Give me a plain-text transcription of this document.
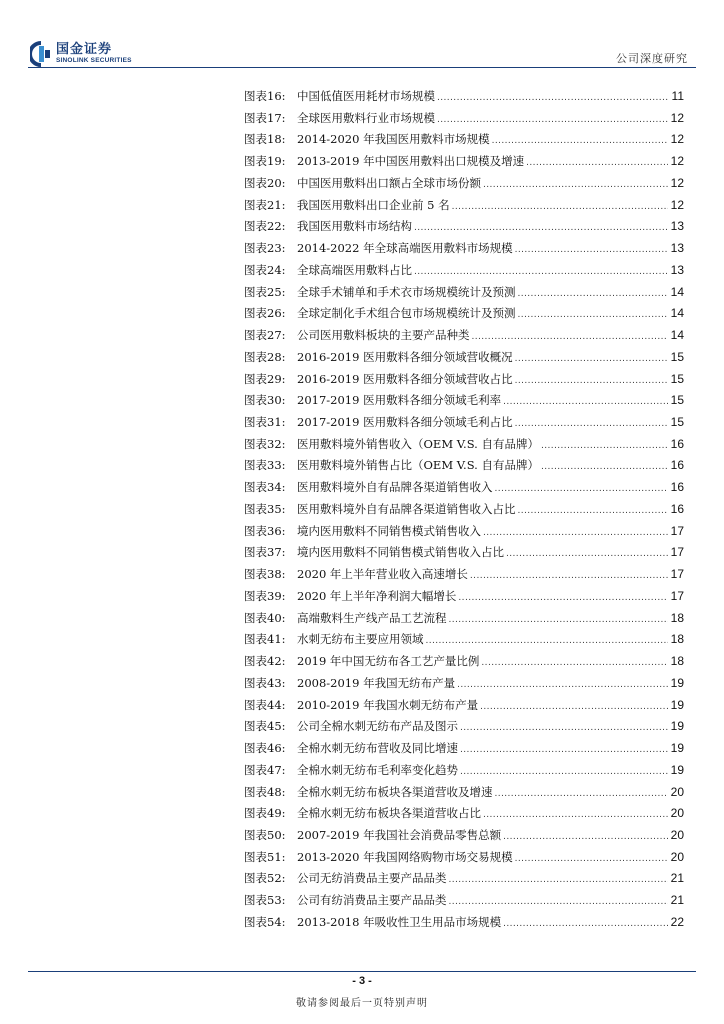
国金证券
SINOLINK SECURITIES	公司深度研究
图表16: 中国低值医用耗材市场规模 .....	11
图表17: 全球医用敷料行业市场规模 .....	12
图表18: 2014-2020 年我国医用敷料市场规模 .....	12
图表19: 2013-2019 年中国医用敷料出口规模及增速 .....	12
图表20: 中国医用敷料出口额占全球市场份额 .....	12
图表21: 我国医用敷料出口企业前 5 名 .....	12
图表22: 我国医用敷料市场结构 .....	13
图表23: 2014-2022 年全球高端医用敷料市场规模 .....	13
图表24: 全球高端医用敷料占比 .....	13
图表25: 全球手术铺单和手术衣市场规模统计及预测 .....	14
图表26: 全球定制化手术组合包市场规模统计及预测 .....	14
图表27: 公司医用敷料板块的主要产品种类 .....	14
图表28: 2016-2019 医用敷料各细分领域营收概况 .....	15
图表29: 2016-2019 医用敷料各细分领域营收占比 .....	15
图表30: 2017-2019 医用敷料各细分领域毛利率 .....	15
图表31: 2017-2019 医用敷料各细分领域毛利占比 .....	15
图表32: 医用敷料境外销售收入（OEM V.S. 自有品牌） .....	16
图表33: 医用敷料境外销售占比（OEM V.S. 自有品牌） .....	16
图表34: 医用敷料境外自有品牌各渠道销售收入 .....	16
图表35: 医用敷料境外自有品牌各渠道销售收入占比 .....	16
图表36: 境内医用敷料不同销售模式销售收入 .....	17
图表37: 境内医用敷料不同销售模式销售收入占比 .....	17
图表38: 2020 年上半年营业收入高速增长 .....	17
图表39: 2020 年上半年净利润大幅增长 .....	17
图表40: 高端敷料生产线产品工艺流程 .....	18
图表41: 水刺无纺布主要应用领域 .....	18
图表42: 2019 年中国无纺布各工艺产量比例 .....	18
图表43: 2008-2019 年我国无纺布产量 .....	19
图表44: 2010-2019 年我国水刺无纺布产量 .....	19
图表45: 公司全棉水刺无纺布产品及图示 .....	19
图表46: 全棉水刺无纺布营收及同比增速 .....	19
图表47: 全棉水刺无纺布毛利率变化趋势 .....	19
图表48: 全棉水刺无纺布板块各渠道营收及增速 .....	20
图表49: 全棉水刺无纺布板块各渠道营收占比 .....	20
图表50: 2007-2019 年我国社会消费品零售总额 .....	20
图表51: 2013-2020 年我国网络购物市场交易规模 .....	20
图表52: 公司无纺消费品主要产品品类 .....	21
图表53: 公司有纺消费品主要产品品类 .....	21
图表54: 2013-2018 年吸收性卫生用品市场规模 .....	22
- 3 -
敬请参阅最后一页特别声明
